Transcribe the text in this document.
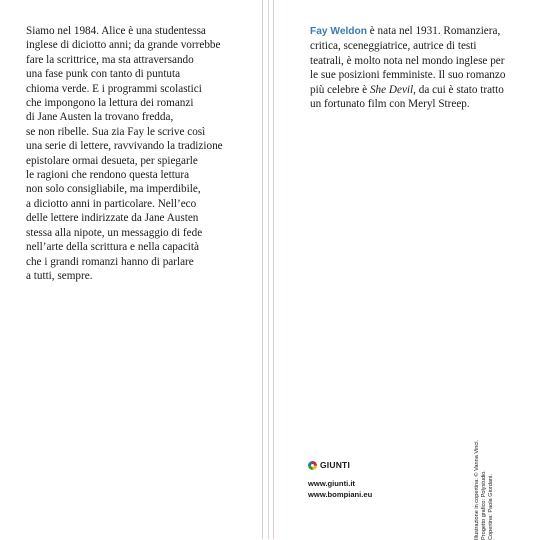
Siamo nel 1984. Alice è una studentessa
inglese di diciotto anni; da grande vorrebbe
fare la scrittrice, ma sta attraversando
una fase punk con tanto di puntuta
chioma verde. E i programmi scolastici
che impongono la lettura dei romanzi
di Jane Austen la trovano fredda,
se non ribelle. Sua zia Fay le scrive così
una serie di lettere, ravvivando la tradizione
epistolare ormai desueta, per spiegarle
le ragioni che rendono questa lettura
non solo consigliabile, ma imperdibile,
a diciotto anni in particolare. Nell’eco
delle lettere indirizzate da Jane Austen
stessa alla nipote, un messaggio di fede
nell’arte della scrittura e nella capacità
che i grandi romanzi hanno di parlare
a tutti, sempre.

Fay Weldon è nata nel 1931. Romanziera, critica, sceneggiatrice, autrice di testi teatrali, è molto nota nel mondo inglese per le sue posizioni femministe. Il suo romanzo più celebre è She Devil, da cui è stato tratto un fortunato film con Meryl Streep.

GIUNTI
www.giunti.it
www.bompiani.eu	Illustrazione in copertina: © Vanna Vinci. Progetto grafico: Polystudio. Copertina: Paola Giordani.
